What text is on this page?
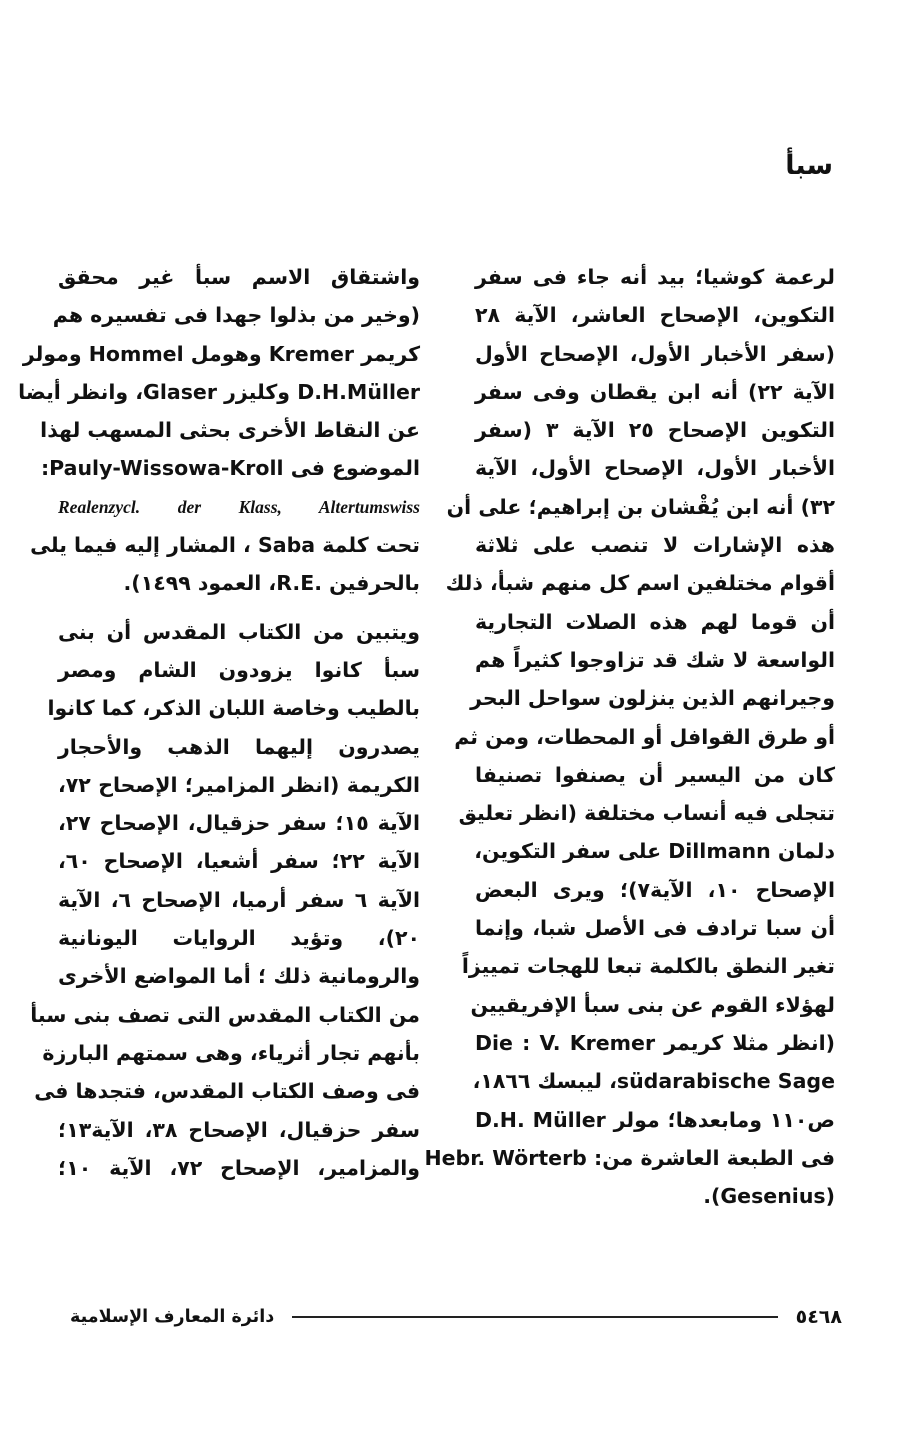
سبأ
لرعمة كوشيا؛ بيد أنه جاء فى سفر
التكوين، الإصحاح العاشر، الآية ٢٨
(سفر الأخبار الأول، الإصحاح الأول
الآية ٢٢) أنه ابن يقطان وفى سفر
التكوين الإصحاح ٢٥ الآية ٣ (سفر
الأخبار الأول، الإصحاح الأول، الآية
٣٢) أنه ابن يُقْشان بن إبراهيم؛ على أن
هذه الإشارات لا تنصب على ثلاثة
أقوام مختلفين اسم كل منهم شبأ، ذلك
أن قوما لهم هذه الصلات التجارية
الواسعة لا شك قد تزاوجوا كثيراً هم
وجيرانهم الذين ينزلون سواحل البحر
أو طرق القوافل أو المحطات، ومن ثم
كان من اليسير أن يصنفوا تصنيفا
تتجلى فيه أنساب مختلفة (انظر تعليق
دلمان Dillmann على سفر التكوين،
الإصحاح ١٠، الآية٧)؛ ويرى البعض
أن سبا ترادف فى الأصل شبا، وإنما
تغير النطق بالكلمة تبعا للهجات تمييزاً
لهؤلاء القوم عن بنى سبأ الإفريقيين
(انظر مثلا كريمر Die : V. Kremer
südarabische Sage، ليبسك ١٨٦٦،
ص١١٠ ومابعدها؛ مولر D.H. Müller
فى الطبعة العاشرة من: Hebr. Wörterb
(Gesenius).
واشتقاق الاسم سبأ غير محقق
(وخير من بذلوا جهدا فى تفسيره هم
كريمر Kremer وهومل Hommel ومولر
D.H.Müller وكليزر Glaser، وانظر أيضا
عن النقاط الأخرى بحثى المسهب لهذا
الموضوع فى Pauly-Wissowa-Kroll:
Realenzycl. der Klass, Altertumswiss
تحت كلمة Saba ، المشار إليه فيما يلى
بالحرفين .R.E، العمود ١٤٩٩).
ويتبين من الكتاب المقدس أن بنى
سبأ كانوا يزودون الشام ومصر
بالطيب وخاصة اللبان الذكر، كما كانوا
يصدرون إليهما الذهب والأحجار
الكريمة (انظر المزامير؛ الإصحاح ٧٢،
الآية ١٥؛ سفر حزقيال، الإصحاح ٢٧،
الآية ٢٢؛ سفر أشعيا، الإصحاح ٦٠،
الآية ٦ سفر أرميا، الإصحاح ٦، الآية
٢٠)، وتؤيد الروايات اليونانية
والرومانية ذلك ؛ أما المواضع الأخرى
من الكتاب المقدس التى تصف بنى سبأ
بأنهم تجار أثرياء، وهى سمتهم البارزة
فى وصف الكتاب المقدس، فتجدها فى
سفر حزقيال، الإصحاح ٣٨، الآية١٣؛
والمزامير، الإصحاح ٧٢، الآية ١٠؛
٥٤٦٨
دائرة المعارف الإسلامية
